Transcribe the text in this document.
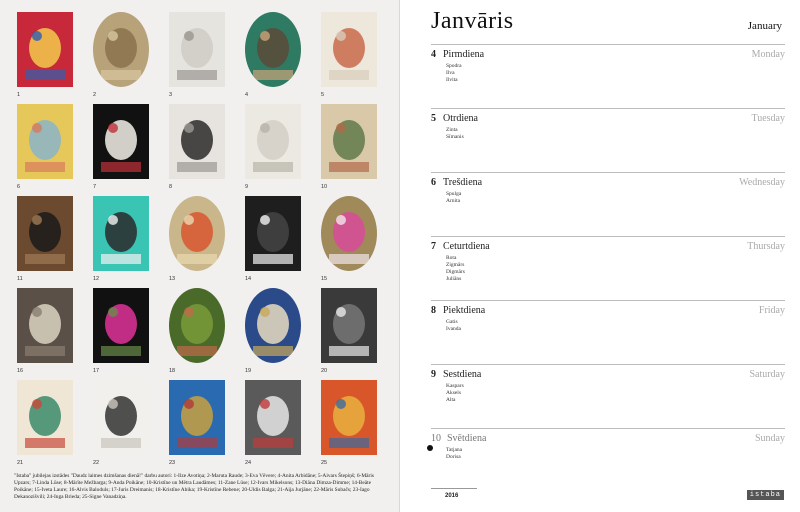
1	2	3	4	5
6	7	8	9	10
11	12	13	14	15
16	17	18	19	20
21	22	23	24	25
"Istaba" jubilejas izstādes "Daudz laimes dzimšanas dienā!" darbu autori: 1-Ilze Avotiņa; 2-Maruta Raude; 3-Eva Vēvere; 4-Anita Arbidāne; 5-Aivars Štepiņš; 6-Māris Upzars; 7-Linda Lūse; 8-Mārīte Mežbarga; 9-Anda Poikāne; 10-Kristīne un Mētra Laudāmes; 11-Zane Lūse; 12-Ivars Mikelsons; 13-Diāna Dimza-Dimme; 14-Beāte Poikāne; 15-Iveta Laure; 16-Alvis Baloduls; 17-Juris Dreimanis; 18-Kristīne Abika; 19-Kristīne Rebene; 20-Uldis Balga; 21-Aija Jurjāne; 22-Māris Subačs; 23-Iago Dekanozišvili; 24-Inga Brieda; 25-Signe Vanadziņa.
Janvāris	January
4 Pirmdiena	Monday
Spodra
Ilva
Ilvita
5 Otrdiena	Tuesday
Zinta
Sīmanis
6 Trešdiena	Wednesday
Spulga
Arnita
7 Ceturtdiena	Thursday
Rota
Zigmārs
Digmārs
Juliāns
8 Piektdiena	Friday
Gatis
Ivanda
9 Sestdiena	Saturday
Kaspars
Aksels
Alta
10 Svētdiena	Sunday
Tatjana
Dorisa
2016	istaba
